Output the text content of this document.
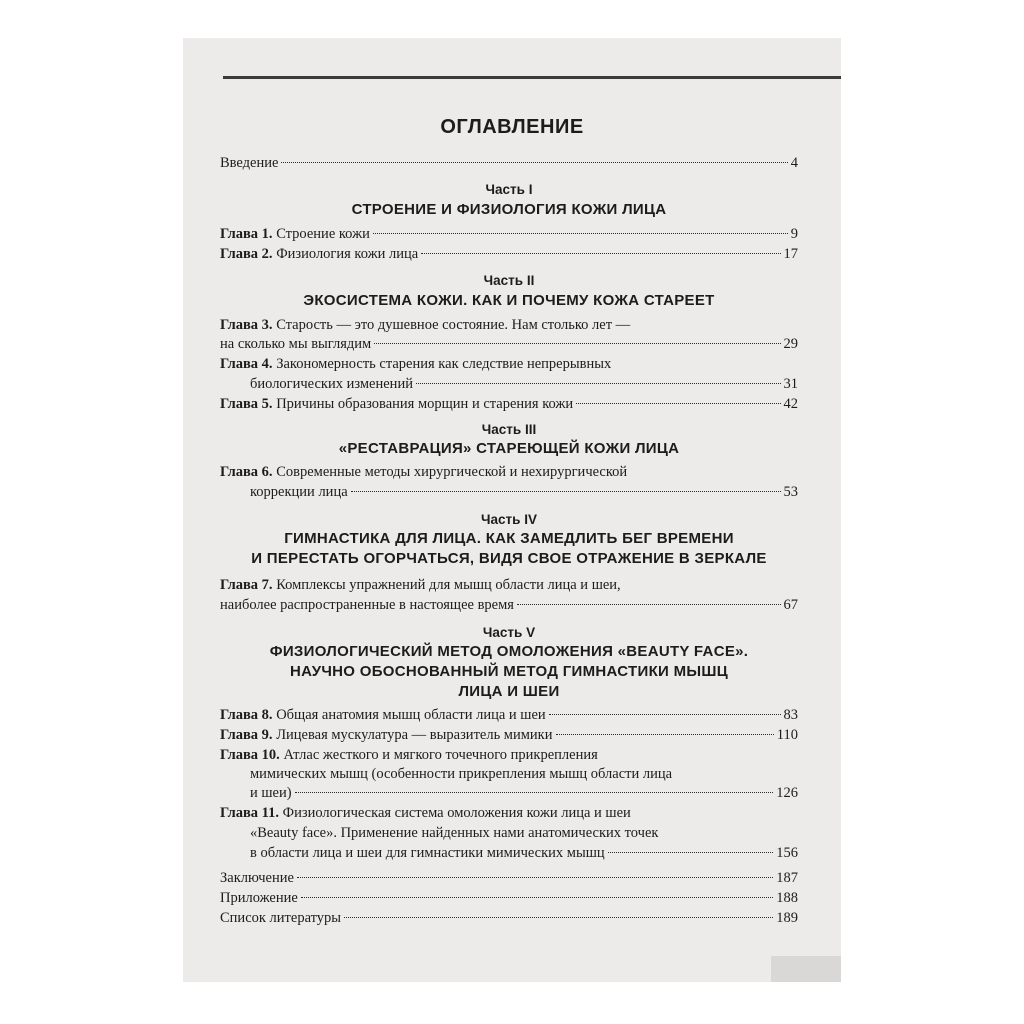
ОГЛАВЛЕНИЕ
Введение	4
Часть I
СТРОЕНИЕ И ФИЗИОЛОГИЯ КОЖИ ЛИЦА
Глава 1. Строение кожи	9
Глава 2. Физиология кожи лица	17
Часть II
ЭКОСИСТЕМА КОЖИ. КАК И ПОЧЕМУ КОЖА СТАРЕЕТ
Глава 3. Старость — это душевное состояние. Нам столько лет —
на сколько мы выглядим	29
Глава 4. Закономерность старения как следствие непрерывных
биологических изменений	31
Глава 5. Причины образования морщин и старения кожи	42
Часть III
«РЕСТАВРАЦИЯ» СТАРЕЮЩЕЙ КОЖИ ЛИЦА
Глава 6. Современные методы хирургической и нехирургической
коррекции лица	53
Часть IV
ГИМНАСТИКА ДЛЯ ЛИЦА. КАК ЗАМЕДЛИТЬ БЕГ ВРЕМЕНИ
И ПЕРЕСТАТЬ ОГОРЧАТЬСЯ, ВИДЯ СВОЕ ОТРАЖЕНИЕ В ЗЕРКАЛЕ
Глава 7. Комплексы упражнений для мышц области лица и шеи,
наиболее распространенные в настоящее время	67
Часть V
ФИЗИОЛОГИЧЕСКИЙ МЕТОД ОМОЛОЖЕНИЯ «BEAUTY FACE».
НАУЧНО ОБОСНОВАННЫЙ МЕТОД ГИМНАСТИКИ МЫШЦ
ЛИЦА И ШЕИ
Глава 8. Общая анатомия мышц области лица и шеи	83
Глава 9. Лицевая мускулатура — выразитель мимики	110
Глава 10. Атлас жесткого и мягкого точечного прикрепления
мимических мышц (особенности прикрепления мышц области лица
и шеи)	126
Глава 11. Физиологическая система омоложения кожи лица и шеи
«Beauty face». Применение найденных нами анатомических точек
в области лица и шеи для гимнастики мимических мышц	156
Заключение	187
Приложение	188
Список литературы	189
